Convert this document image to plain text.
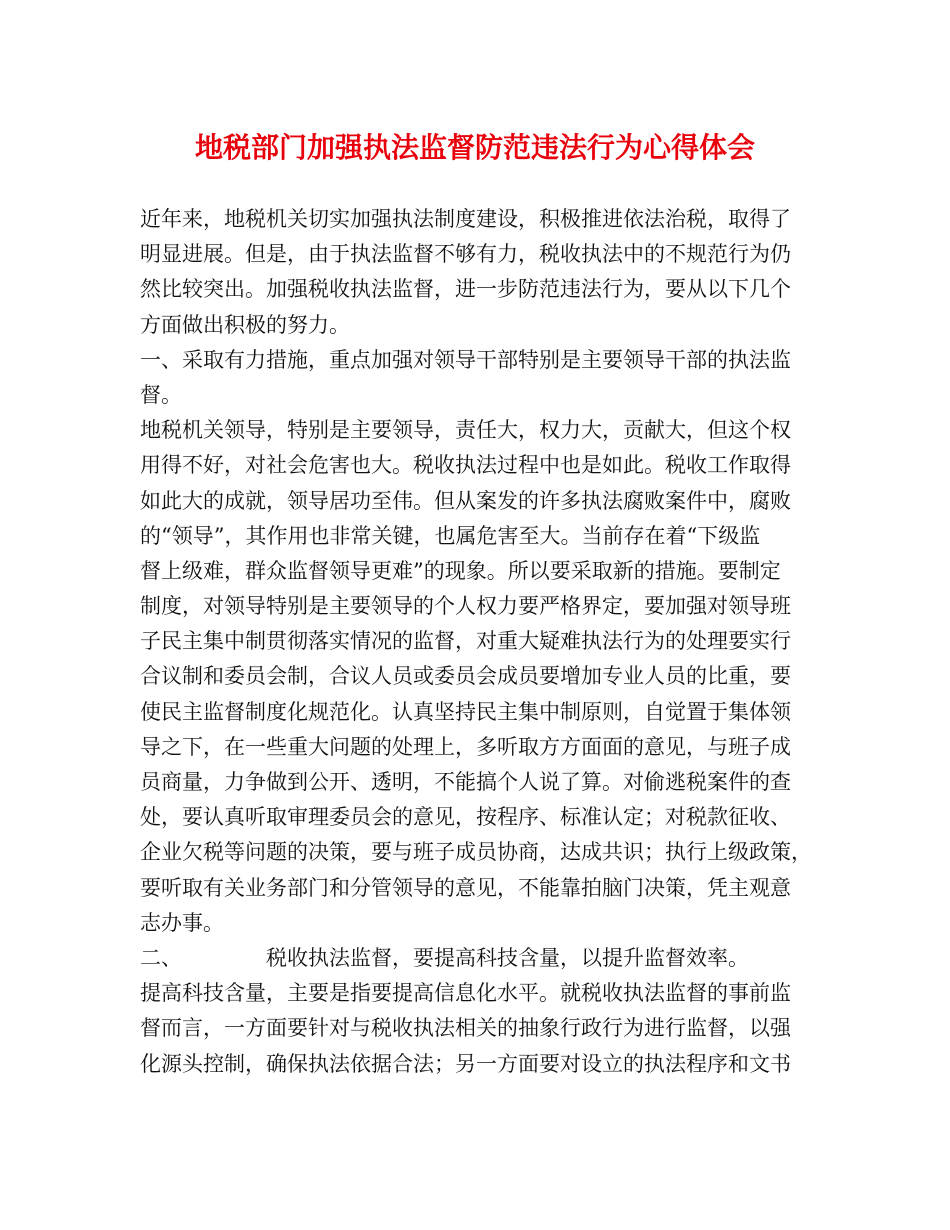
地税部门加强执法监督防范违法行为心得体会
近年来，地税机关切实加强执法制度建设，积极推进依法治税，取得了
明显进展。但是，由于执法监督不够有力，税收执法中的不规范行为仍
然比较突出。加强税收执法监督，进一步防范违法行为，要从以下几个
方面做出积极的努力。
一、采取有力措施，重点加强对领导干部特别是主要领导干部的执法监
督。
地税机关领导，特别是主要领导，责任大，权力大，贡献大，但这个权
用得不好，对社会危害也大。税收执法过程中也是如此。税收工作取得
如此大的成就，领导居功至伟。但从案发的许多执法腐败案件中，腐败
的“领导”，其作用也非常关键，也属危害至大。当前存在着“下级监
督上级难，群众监督领导更难”的现象。所以要采取新的措施。要制定
制度，对领导特别是主要领导的个人权力要严格界定，要加强对领导班
子民主集中制贯彻落实情况的监督，对重大疑难执法行为的处理要实行
合议制和委员会制，合议人员或委员会成员要增加专业人员的比重，要
使民主监督制度化规范化。认真坚持民主集中制原则，自觉置于集体领
导之下，在一些重大问题的处理上，多听取方方面面的意见，与班子成
员商量，力争做到公开、透明，不能搞个人说了算。对偷逃税案件的查
处，要认真听取审理委员会的意见，按程序、标准认定；对税款征收、
企业欠税等问题的决策，要与班子成员协商，达成共识；执行上级政策，
要听取有关业务部门和分管领导的意见，不能靠拍脑门决策，凭主观意
志办事。
二、	税收执法监督，要提高科技含量，以提升监督效率。
提高科技含量，主要是指要提高信息化水平。就税收执法监督的事前监
督而言，一方面要针对与税收执法相关的抽象行政行为进行监督，以强
化源头控制，确保执法依据合法；另一方面要对设立的执法程序和文书
